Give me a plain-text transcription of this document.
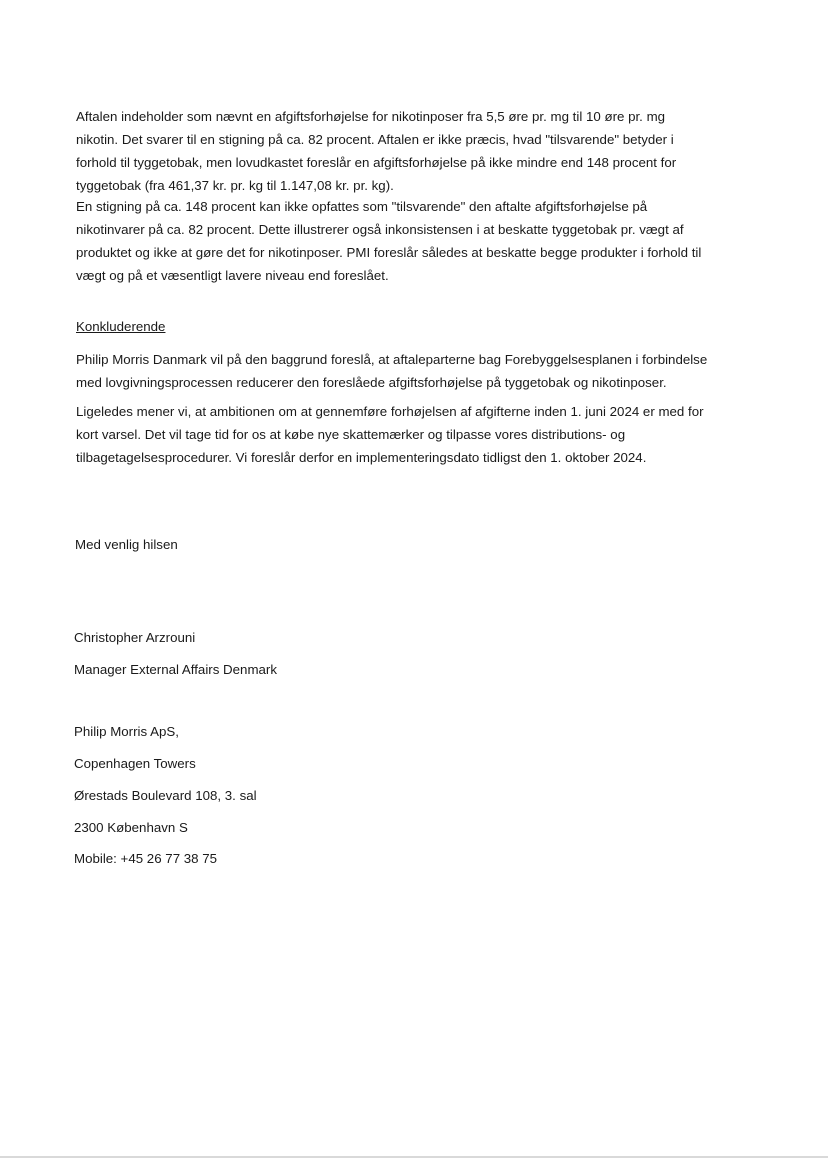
Aftalen indeholder som nævnt en afgiftsforhøjelse for nikotinposer fra 5,5 øre pr. mg til 10 øre pr. mg
nikotin. Det svarer til en stigning på ca. 82 procent. Aftalen er ikke præcis, hvad "tilsvarende" betyder i
forhold til tyggetobak, men lovudkastet foreslår en afgiftsforhøjelse på ikke mindre end 148 procent for
tyggetobak (fra 461,37 kr. pr. kg til 1.147,08 kr. pr. kg).
En stigning på ca. 148 procent kan ikke opfattes som "tilsvarende" den aftalte afgiftsforhøjelse på
nikotinvarer på ca. 82 procent. Dette illustrerer også inkonsistensen i at beskatte tyggetobak pr. vægt af
produktet og ikke at gøre det for nikotinposer. PMI foreslår således at beskatte begge produkter i forhold til
vægt og på et væsentligt lavere niveau end foreslået.
Konkluderende
Philip Morris Danmark vil på den baggrund foreslå, at aftaleparterne bag Forebyggelsesplanen i forbindelse
med lovgivningsprocessen reducerer den foreslåede afgiftsforhøjelse på tyggetobak og nikotinposer.
Ligeledes mener vi, at ambitionen om at gennemføre forhøjelsen af afgifterne inden 1. juni 2024 er med for
kort varsel. Det vil tage tid for os at købe nye skattemærker og tilpasse vores distributions- og
tilbagetagelsesprocedurer. Vi foreslår derfor en implementeringsdato tidligst den 1. oktober 2024.
Med venlig hilsen
Christopher Arzrouni
Manager External Affairs Denmark
Philip Morris ApS,
Copenhagen Towers
Ørestads Boulevard 108, 3. sal
2300 København S
Mobile: +45 26 77 38 75
